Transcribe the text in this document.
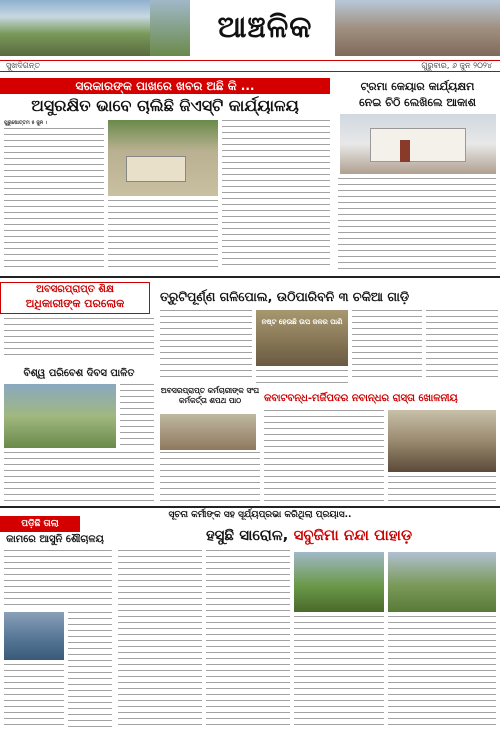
ଆଞ୍ଚଳିକ
ସୁଖଦିଗନ୍ତ	ଗୁରୁବାର, ୬ ଜୁନ ୨୦୨୪
ସରକାରଙ୍କ ପାଖରେ ଖବର ଅଛି କି ...
ଅସୁରକ୍ଷିତ ଭାବେ ଚାଲିଛି ଜିଏସ୍‌ଟି କାର୍ଯ୍ୟାଳୟ
ପୁରୁଷୋତ୍ତମ ୫ ଜୁନ ।
ଟ୍ରମା କେୟାର କାର୍ଯ୍ୟକ୍ଷମ
ନେଇ ଚିଠି ଲେଖିଲେ ଆକାଶ
ଅବସରପ୍ରାପ୍ତ ଶିକ୍ଷ
ଅଧିକାରୀଙ୍କ ପରଲୋକ	ତ୍ରୁଟିପୂର୍ଣ୍ଣ ଗଳିପୋଲ, ଉଠିପାରିବନି ୩ ଚକିଆ ଗାଡ଼ି
ନଷ୍ଟ ହେଉଛି ଉପ ଜଳର ପାଣି
ବିଶ୍ୱ ପରିବେଶ ଦିବସ ପାଳିତ
ଅବସରପ୍ରାପ୍ତ କର୍ମଚାରୀଙ୍କ ସଂଘ
କର୍ମକର୍ତ୍ତା ଶପଥ ପାଠ	କବାଟବନ୍ଧ-ମର୍ଜିପଦର ନବାନ୍ଧର ରାସ୍ତା ଖୋଳନୀୟ
ସୂଚନା କର୍ମୀଙ୍କ ସହ ସୂର୍ଯ୍ୟପ୍ରଭା କରିଥିଲା ପ୍ରୟାସ..
ପଡ଼ିଛି ତାଲା
କାମରେ ଆସୁନି ଶୌଚାଳୟ	ହସୁଛି ସାରୋଳ, ସବୁଜିମା ନନ୍ଦା ପାହାଡ଼
